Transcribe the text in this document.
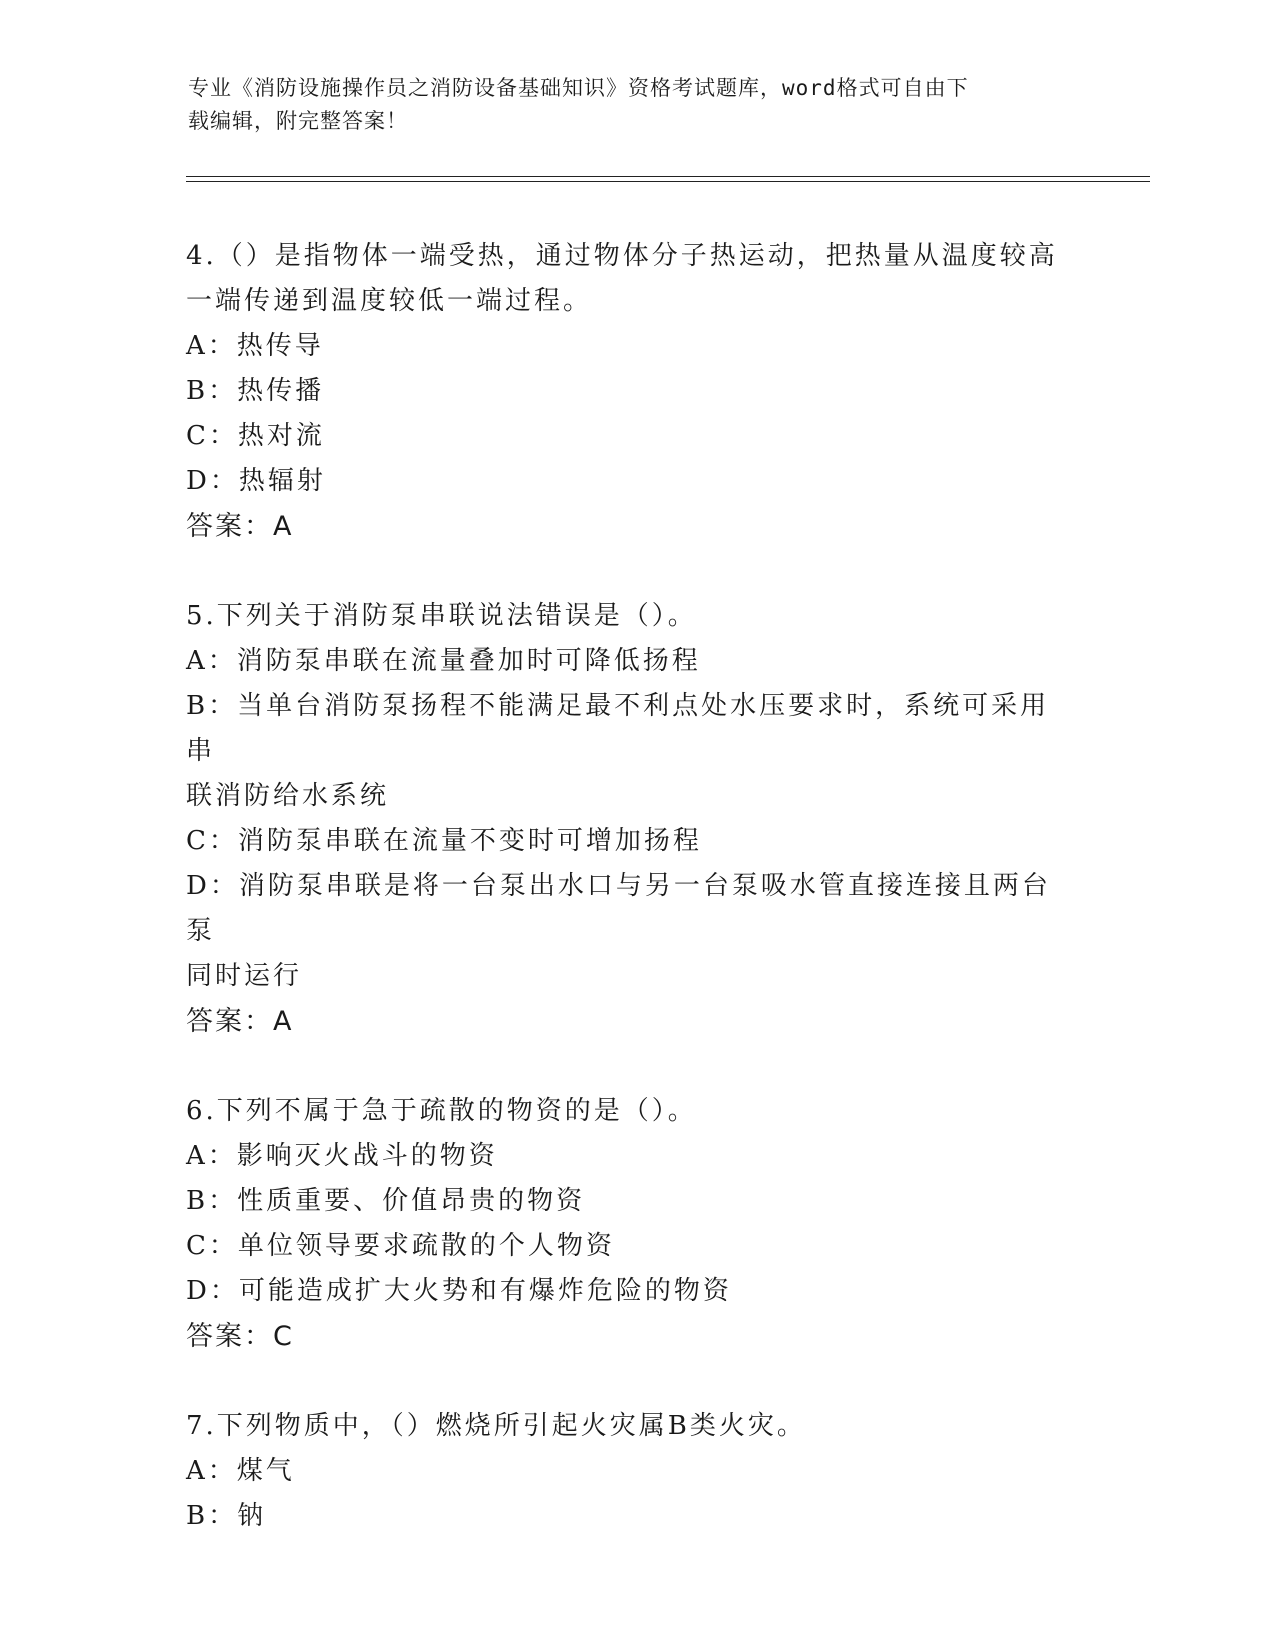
专业《消防设施操作员之消防设备基础知识》资格考试题库，word格式可自由下
载编辑，附完整答案！
4.（）是指物体一端受热，通过物体分子热运动，把热量从温度较高
一端传递到温度较低一端过程。
A：热传导
B：热传播
C：热对流
D：热辐射
答案：A
5.下列关于消防泵串联说法错误是（）。
A：消防泵串联在流量叠加时可降低扬程
B：当单台消防泵扬程不能满足最不利点处水压要求时，系统可采用串
联消防给水系统
C：消防泵串联在流量不变时可增加扬程
D：消防泵串联是将一台泵出水口与另一台泵吸水管直接连接且两台泵
同时运行
答案：A
6.下列不属于急于疏散的物资的是（）。
A：影响灭火战斗的物资
B：性质重要、价值昂贵的物资
C：单位领导要求疏散的个人物资
D：可能造成扩大火势和有爆炸危险的物资
答案：C
7.下列物质中，（）燃烧所引起火灾属B类火灾。
A：煤气
B：钠
